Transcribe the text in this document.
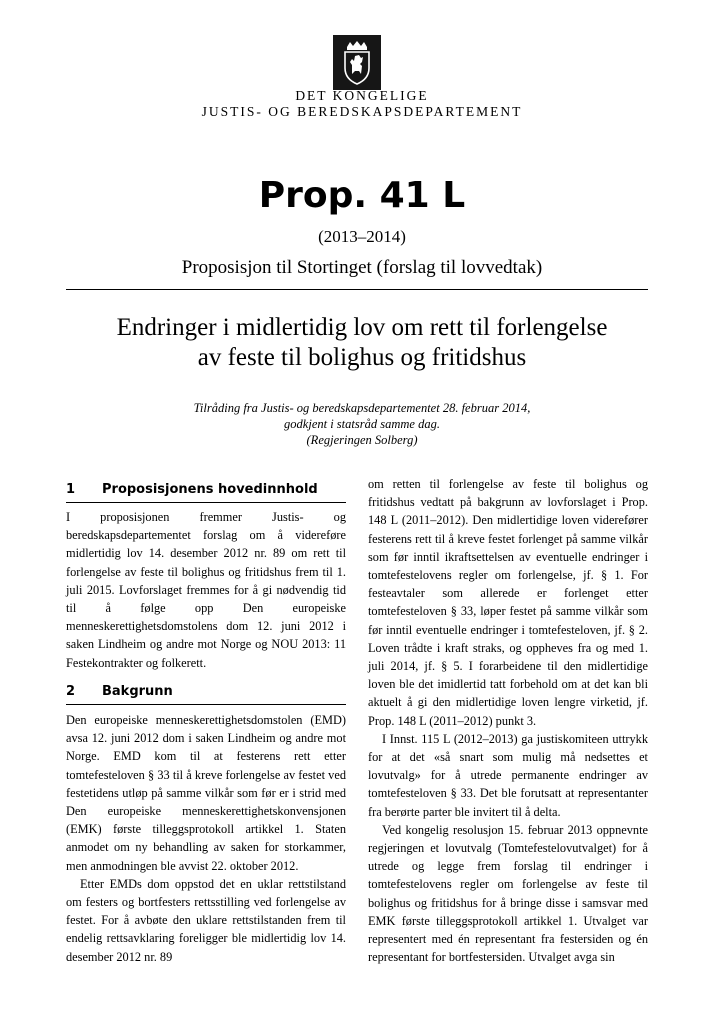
DET KONGELIGE
JUSTIS- OG BEREDSKAPSDEPARTEMENT
Prop. 41 L
(2013–2014)
Proposisjon til Stortinget (forslag til lovvedtak)
Endringer i midlertidig lov om rett til forlengelse
av feste til bolighus og fritidshus
Tilråding fra Justis- og beredskapsdepartementet 28. februar 2014,
godkjent i statsråd samme dag.
(Regjeringen Solberg)
1 Proposisjonens hovedinnhold

I proposisjonen fremmer Justis- og beredskapsdepartementet forslag om å videreføre midlertidig lov 14. desember 2012 nr. 89 om rett til forlengelse av feste til bolighus og fritidshus frem til 1. juli 2015. Lovforslaget fremmes for å gi nødvendig tid til å følge opp Den europeiske menneskerettighetsdomstolens dom 12. juni 2012 i saken Lindheim og andre mot Norge og NOU 2013: 11 Festekontrakter og folkerett.

2 Bakgrunn

Den europeiske menneskerettighetsdomstolen (EMD) avsa 12. juni 2012 dom i saken Lindheim og andre mot Norge. EMD kom til at festerens rett etter tomtefesteloven § 33 til å kreve forlengelse av festet ved festetidens utløp på samme vilkår som før er i strid med Den europeiske menneskerettighetskonvensjonen (EMK) første tilleggsprotokoll artikkel 1. Staten anmodet om ny behandling av saken for storkammer, men anmodningen ble avvist 22. oktober 2012.

Etter EMDs dom oppstod det en uklar rettstilstand om festers og bortfesters rettsstilling ved forlengelse av festet. For å avbøte den uklare rettstilstanden frem til endelig rettsavklaring foreligger ble midlertidig lov 14. desember 2012 nr. 89

om retten til forlengelse av feste til bolighus og fritidshus vedtatt på bakgrunn av lovforslaget i Prop. 148 L (2011–2012). Den midlertidige loven viderefører festerens rett til å kreve festet forlenget på samme vilkår som før inntil ikraftsettelsen av eventuelle endringer i tomtefestelovens regler om forlengelse, jf. § 1. For festeavtaler som allerede er forlenget etter tomtefesteloven § 33, løper festet på samme vilkår som før inntil eventuelle endringer i tomtefesteloven, jf. § 2. Loven trådte i kraft straks, og oppheves fra og med 1. juli 2014, jf. § 5. I forarbeidene til den midlertidige loven ble det imidlertid tatt forbehold om at det kan bli aktuelt å gi den midlertidige loven lengre virketid, jf. Prop. 148 L (2011–2012) punkt 3.

I Innst. 115 L (2012–2013) ga justiskomiteen uttrykk for at det «så snart som mulig må nedsettes et lovutvalg» for å utrede permanente endringer av tomtefesteloven § 33. Det ble forutsatt at representanter fra berørte parter ble invitert til å delta.

Ved kongelig resolusjon 15. februar 2013 oppnevnte regjeringen et lovutvalg (Tomtefestelovutvalget) for å utrede og legge frem forslag til endringer i tomtefestelovens regler om forlengelse av feste til bolighus og fritidshus for å bringe disse i samsvar med EMK første tilleggsprotokoll artikkel 1. Utvalget var representert med én representant fra festersiden og én representant for bortfestersiden. Utvalget avga sin
